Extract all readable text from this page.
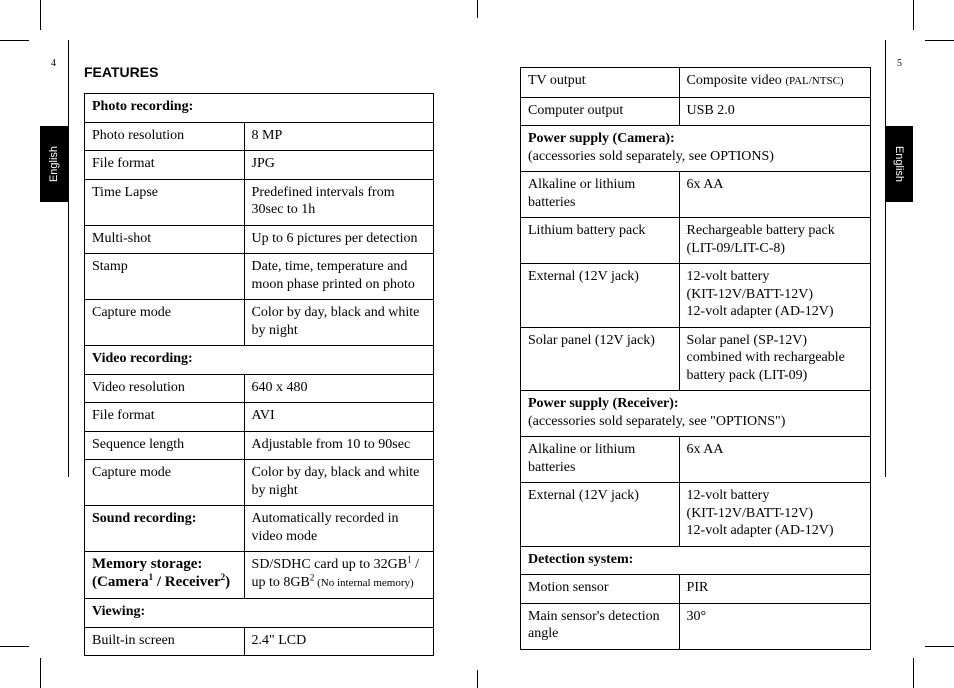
4
English
FEATURES
Photo recording:	
Photo resolution	8 MP
File format	JPG
Time Lapse	Predefined intervals from 30sec to 1h
Multi-shot	Up to 6 pictures per detection
Stamp	Date, time, temperature and moon phase printed on photo
Capture mode	Color by day, black and white by night
Video recording:	
Video resolution	640 x 480
File format	AVI
Sequence length	Adjustable from 10 to 90sec
Capture mode	Color by day, black and white by night
Sound recording:	Automatically recorded in video mode
Memory storage:
(Camera$^1$ / Receiver$^2$)	SD/SDHC card up to $32GB^1$ / up to $8GB^2$ (No internal memory)
Viewing:	
Built-in screen	2.4" LCD
5
English
TV output	Composite video (PAL/NTSC)
Computer output	USB 2.0
Power supply (Camera):
(accessories sold separately, see OPTIONS)	
Alkaline or lithium batteries	6x AA
Lithium battery pack	Rechargeable battery pack (LIT-09/LIT-C-8)
External (12V jack)	12-volt battery
(KIT-12V/BATT-12V)
12-volt adapter (AD-12V)
Solar panel (12V jack)	Solar panel (SP-12V) combined with rechargeable battery pack (LIT-09)
Power supply (Receiver):
(accessories sold separately, see "OPTIONS")	
Alkaline or lithium batteries	6x AA
External (12V jack)	12-volt battery
(KIT-12V/BATT-12V)
12-volt adapter (AD-12V)
Detection system:	
Motion sensor	PIR
Main sensor's detection angle	30°
